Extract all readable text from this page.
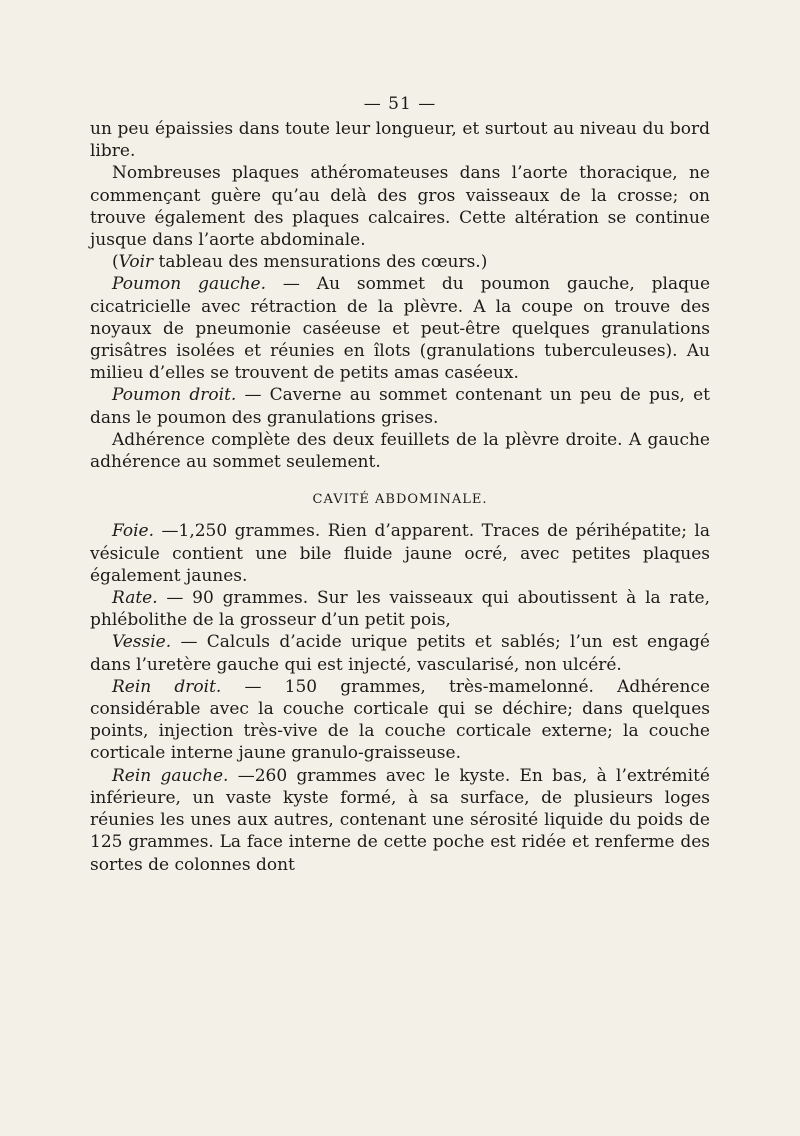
— 51 —

un peu épaissies dans toute leur longueur, et surtout au niveau du bord libre.

Nombreuses plaques athéromateuses dans l’aorte thoracique, ne commençant guère qu’au delà des gros vaisseaux de la crosse; on trouve également des plaques calcaires. Cette altération se continue jusque dans l’aorte abdominale.

(Voir tableau des mensurations des cœurs.)

Poumon gauche. — Au sommet du poumon gauche, plaque cicatricielle avec rétraction de la plèvre. A la coupe on trouve des noyaux de pneumonie caséeuse et peut-être quelques granulations grisâtres isolées et réunies en îlots (granulations tuberculeuses). Au milieu d’elles se trouvent de petits amas caséeux.

Poumon droit. — Caverne au sommet contenant un peu de pus, et dans le poumon des granulations grises.

Adhérence complète des deux feuillets de la plèvre droite. A gauche adhérence au sommet seulement.

CAVITÉ ABDOMINALE.

Foie. —1,250 grammes. Rien d’apparent. Traces de périhépatite; la vésicule contient une bile fluide jaune ocré, avec petites plaques également jaunes.

Rate. — 90 grammes. Sur les vaisseaux qui aboutissent à la rate, phlébolithe de la grosseur d’un petit pois,

Vessie. — Calculs d’acide urique petits et sablés; l’un est engagé dans l’uretère gauche qui est injecté, vascularisé, non ulcéré.

Rein droit. — 150 grammes, très-mamelonné. Adhérence considérable avec la couche corticale qui se déchire; dans quelques points, injection très-vive de la couche corticale externe; la couche corticale interne jaune granulo-graisseuse.

Rein gauche. —260 grammes avec le kyste. En bas, à l’extrémité inférieure, un vaste kyste formé, à sa surface, de plusieurs loges réunies les unes aux autres, contenant une sérosité liquide du poids de 125 grammes. La face interne de cette poche est ridée et renferme des sortes de colonnes dont
